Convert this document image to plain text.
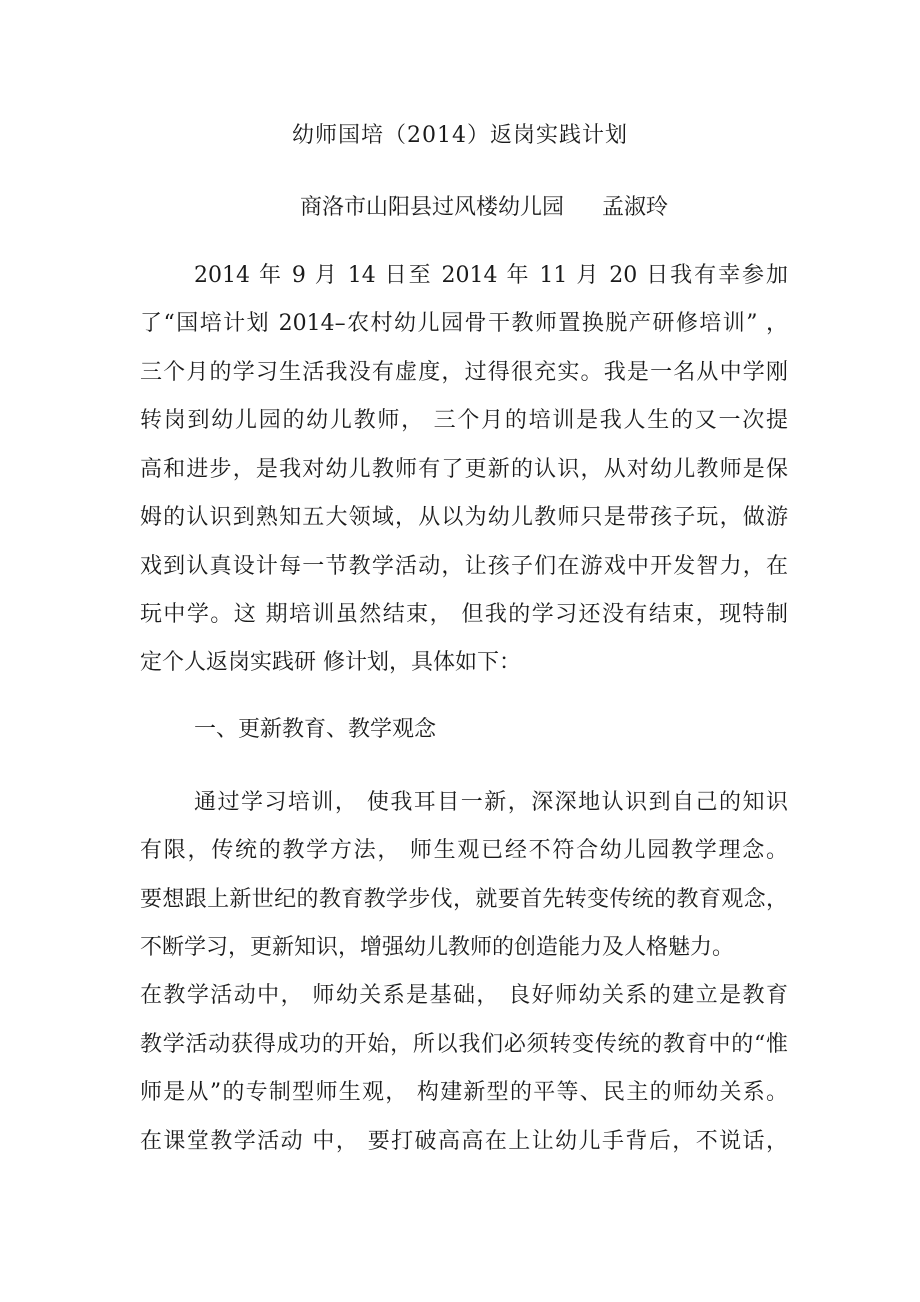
幼师国培（2014）返岗实践计划
商洛市山阳县过风楼幼儿园 孟淑玲
2014 年 9 月 14 日至 2014 年 11 月 20 日我有幸参加
了“国培计划 2014–农村幼儿园骨干教师置换脱产研修培训” ，
三个月的学习生活我没有虚度，过得很充实。我是一名从中学刚
转岗到幼儿园的幼儿教师， 三个月的培训是我人生的又一次提
高和进步，是我对幼儿教师有了更新的认识，从对幼儿教师是保
姆的认识到熟知五大领域，从以为幼儿教师只是带孩子玩，做游
戏到认真设计每一节教学活动，让孩子们在游戏中开发智力，在
玩中学。这 期培训虽然结束， 但我的学习还没有结束，现特制
定个人返岗实践研 修计划，具体如下：
一、更新教育、教学观念
通过学习培训， 使我耳目一新，深深地认识到自己的知识
有限，传统的教学方法， 师生观已经不符合幼儿园教学理念。
要想跟上新世纪的教育教学步伐，就要首先转变传统的教育观念，
不断学习，更新知识，增强幼儿教师的创造能力及人格魅力。
在教学活动中， 师幼关系是基础， 良好师幼关系的建立是教育
教学活动获得成功的开始，所以我们必须转变传统的教育中的“惟
师是从”的专制型师生观， 构建新型的平等、民主的师幼关系。
在课堂教学活动 中， 要打破高高在上让幼儿手背后，不说话，
